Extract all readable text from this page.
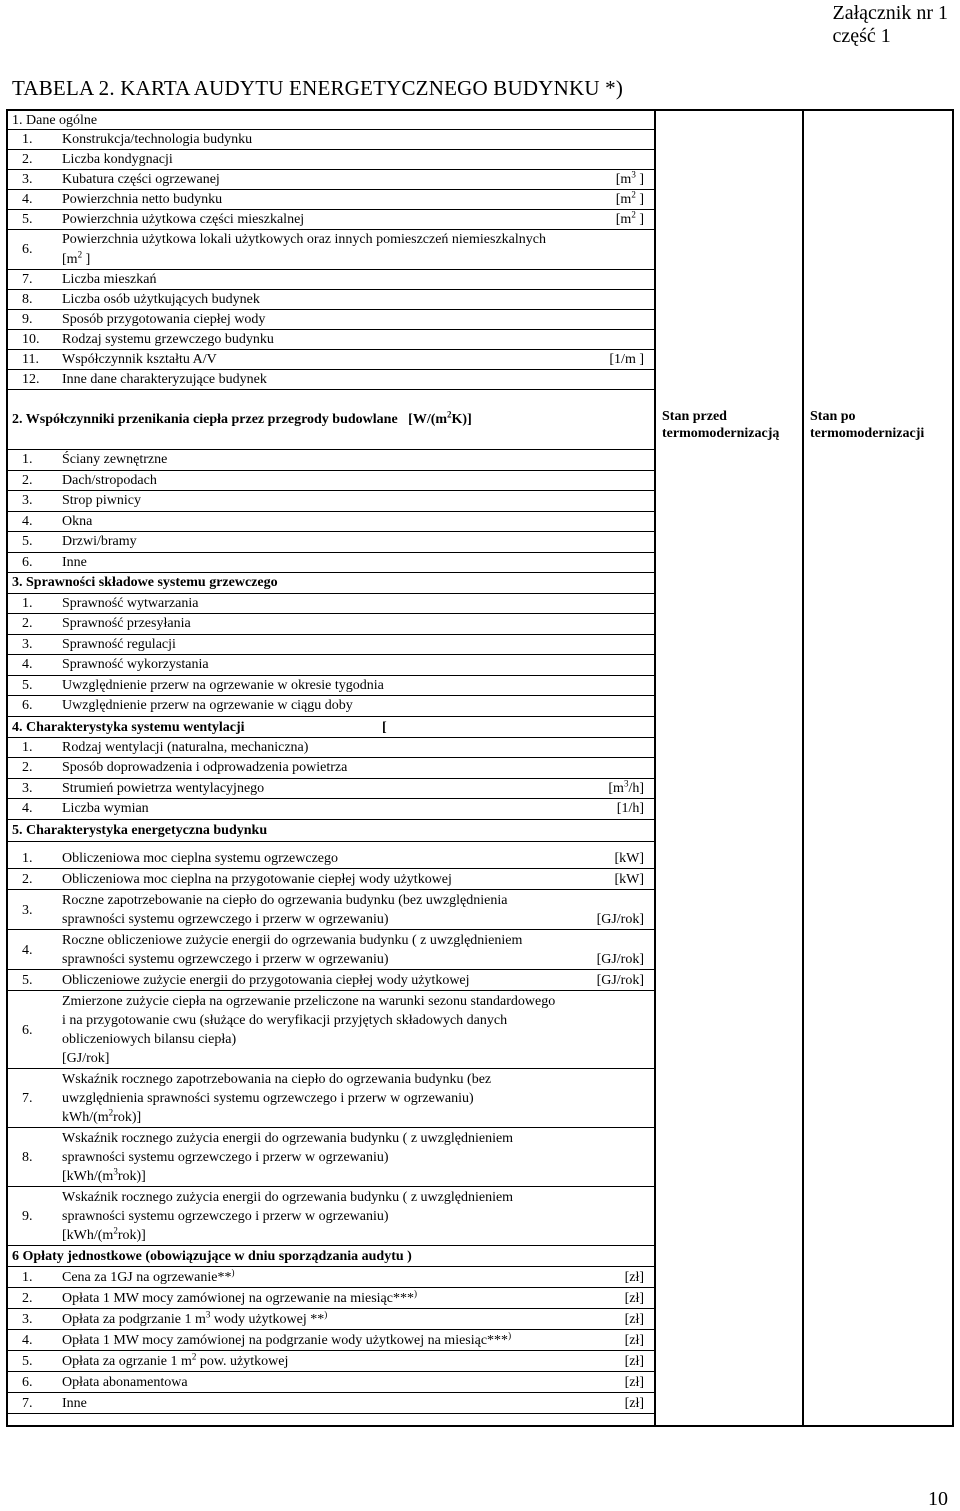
Załącznik nr 1
część 1
TABELA 2. KARTA AUDYTU ENERGETYCZNEGO BUDYNKU *)
Stan przed termomodernizacją
Stan po termomodernizacji
1. Dane ogólne
1. Konstrukcja/technologia budynku
2. Liczba kondygnacji
3. Kubatura części ogrzewanej	[$m^3$ ]
4. Powierzchnia netto budynku	[$m^2$ ]
5. Powierzchnia użytkowa części mieszkalnej	[$m^2$ ]
6.
Powierzchnia użytkowa lokali użytkowych oraz innych pomieszczeń niemieszkalnych
[$m^2$ ]
7. Liczba mieszkań
8. Liczba osób użytkujących budynek
9. Sposób przygotowania ciepłej wody
10. Rodzaj systemu grzewczego budynku
11. Współczynnik kształtu A/V	[1/m ]
12. Inne dane charakteryzujące budynek
2. Współczynniki przenikania ciepła przez przegrody budowlane   $[W/(m^2K)]$
1. Ściany zewnętrzne
2. Dach/stropodach
3. Strop piwnicy
4. Okna
5. Drzwi/bramy
6. Inne
3. Sprawności składowe systemu grzewczego
1. Sprawność wytwarzania
2. Sprawność przesyłania
3. Sprawność regulacji
4. Sprawność wykorzystania
5. Uwzględnienie przerw na ogrzewanie w okresie tygodnia
6. Uwzględnienie przerw na ogrzewanie w ciągu doby
4. Charakterystyka systemu wentylacji	[
1. Rodzaj wentylacji (naturalna, mechaniczna)
2. Sposób doprowadzenia i odprowadzenia powietrza
3. Strumień powietrza wentylacyjnego	$[m^3/h]$
4. Liczba wymian	[1/h]
5. Charakterystyka energetyczna budynku
1. Obliczeniowa moc cieplna systemu ogrzewczego	[kW]
2. Obliczeniowa moc cieplna na przygotowanie ciepłej wody użytkowej	[kW]
3.
Roczne zapotrzebowanie na ciepło do ogrzewania budynku (bez uwzględnienia
sprawności systemu ogrzewczego i przerw w ogrzewaniu)	[GJ/rok]
4.
Roczne obliczeniowe zużycie energii do ogrzewania budynku ( z uwzględnieniem
sprawności systemu ogrzewczego i przerw w ogrzewaniu)	[GJ/rok]
5. Obliczeniowe zużycie energii do przygotowania ciepłej wody użytkowej	[GJ/rok]
6.
Zmierzone zużycie ciepła na ogrzewanie przeliczone na warunki sezonu standardowego
i na przygotowanie cwu (służące do weryfikacji przyjętych składowych danych
obliczeniowych bilansu ciepła)
[GJ/rok]
7.
Wskaźnik rocznego zapotrzebowania na ciepło do ogrzewania budynku (bez
uwzględnienia sprawności systemu ogrzewczego i przerw w ogrzewaniu)
kWh/$(m^2rok)$]
8.
Wskaźnik rocznego zużycia energii do ogrzewania budynku ( z uwzględnieniem
sprawności systemu ogrzewczego i przerw w ogrzewaniu)
$[kWh/(m^3rok)]$
9.
Wskaźnik rocznego zużycia energii do ogrzewania budynku ( z uwzględnieniem
sprawności systemu ogrzewczego i przerw w ogrzewaniu)
$[kWh/(m^2rok)]$
6 Opłaty jednostkowe (obowiązujące w dniu sporządzania audytu )
1. Cena za 1GJ na ogrzewanie**)	[zł]
2. Opłata 1 MW mocy zamówionej na ogrzewanie na miesiąc***)	[zł]
3. Opłata za podgrzanie 1 $m^3$ wody użytkowej **)	[zł]
4. Opłata 1 MW mocy zamówionej na podgrzanie wody użytkowej na miesiąc***)	[zł]
5. Opłata za ogrzanie 1 $m^2$ pow. użytkowej	[zł]
6. Opłata abonamentowa	[zł]
7. Inne	[zł]
10
